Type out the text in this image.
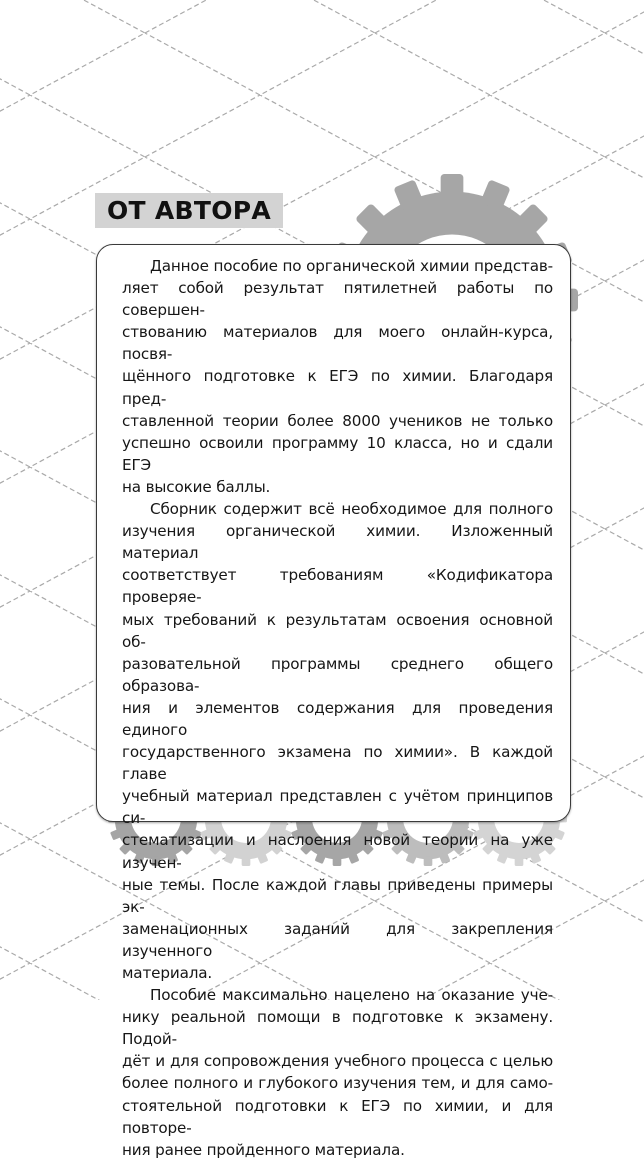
ОТ АВТОРА
Данное пособие по органической химии представ-
ляет собой результат пятилетней работы по совершен-
ствованию материалов для моего онлайн-курса, посвя-
щённого подготовке к ЕГЭ по химии. Благодаря пред-
ставленной теории более 8000 учеников не только
успешно освоили программу 10 класса, но и сдали ЕГЭ
на высокие баллы.
Сборник содержит всё необходимое для полного
изучения органической химии. Изложенный материал
соответствует требованиям «Кодификатора проверяе-
мых требований к результатам освоения основной об-
разовательной программы среднего общего образова-
ния и элементов содержания для проведения единого
государственного экзамена по химии». В каждой главе
учебный материал представлен с учётом принципов си-
стематизации и наслоения новой теории на уже изучен-
ные темы. После каждой главы приведены примеры эк-
заменационных заданий для закрепления изученного
материала.
Пособие максимально нацелено на оказание уче-
нику реальной помощи в подготовке к экзамену. Подой-
дёт и для сопровождения учебного процесса с целью
более полного и глубокого изучения тем, и для само-
стоятельной подготовки к ЕГЭ по химии, и для повторе-
ния ранее пройденного материала.
